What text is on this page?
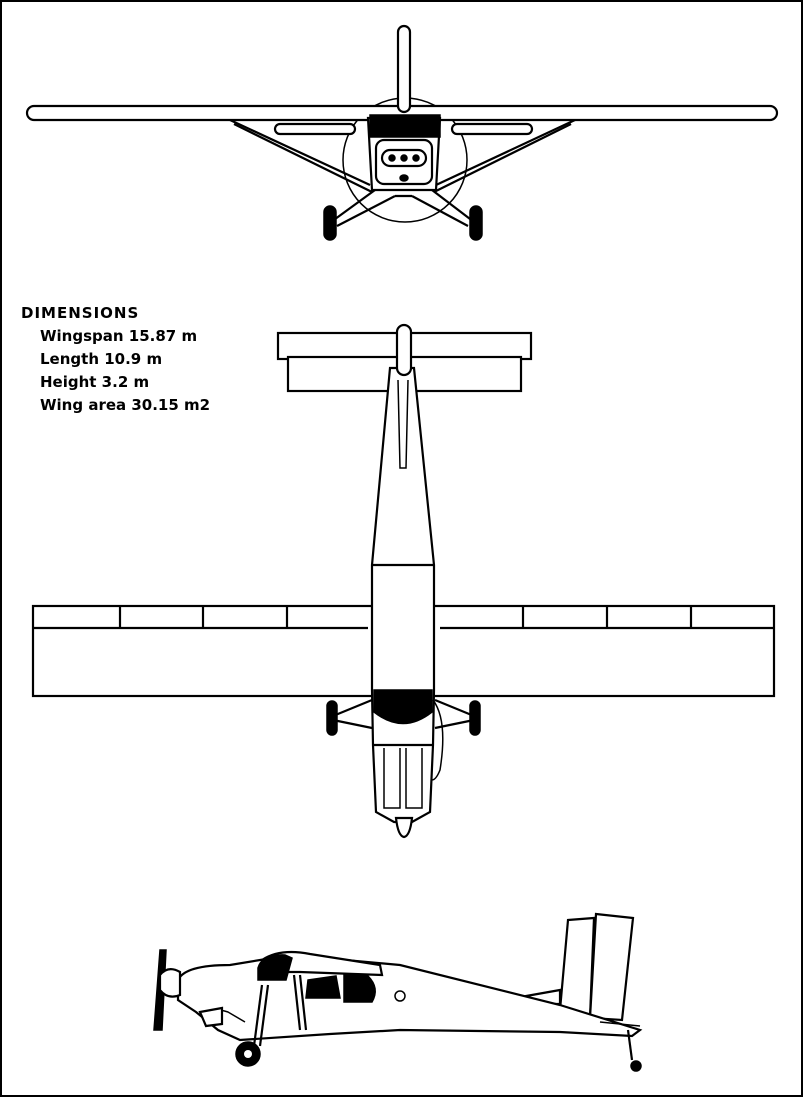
DIMENSIONS
Wingspan 15.87 m
Length 10.9 m
Height 3.2 m
Wing area 30.15 m2
